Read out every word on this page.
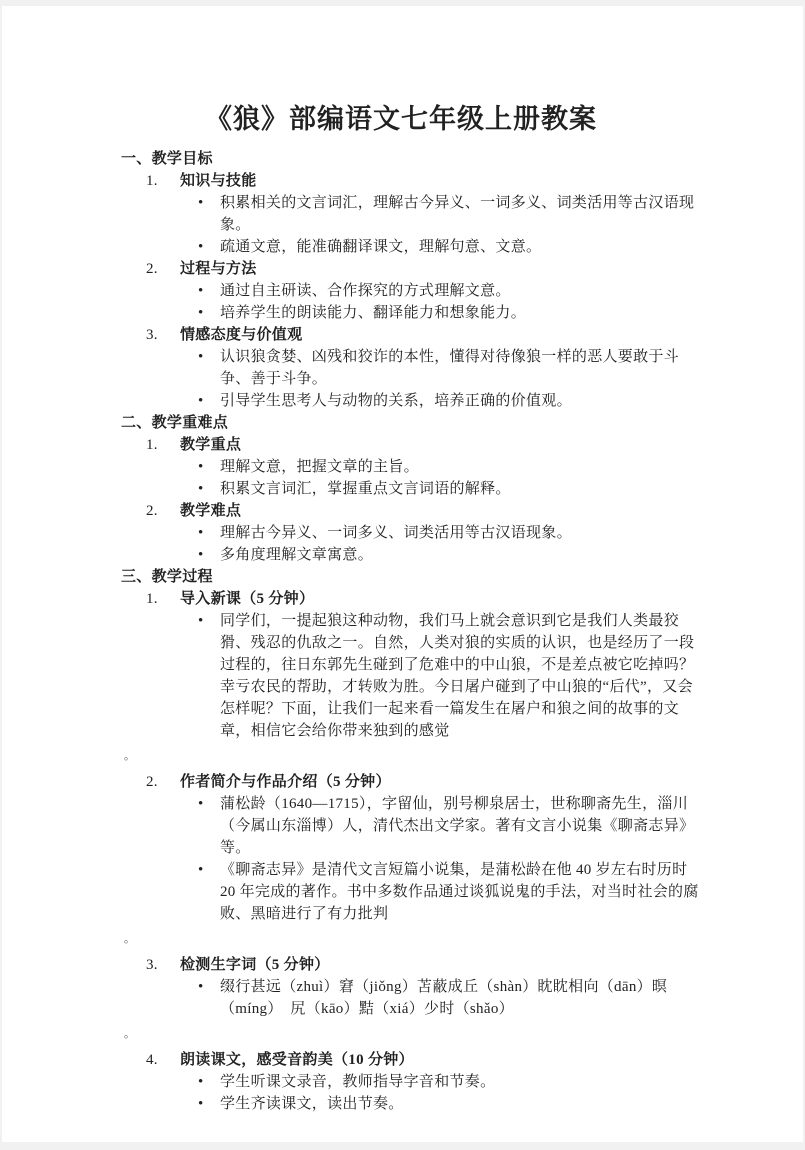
《狼》部编语文七年级上册教案
一、教学目标
1. 知识与技能
• 积累相关的文言词汇，理解古今异义、一词多义、词类活用等古汉语现象。
• 疏通文意，能准确翻译课文，理解句意、文意。
2. 过程与方法
• 通过自主研读、合作探究的方式理解文意。
• 培养学生的朗读能力、翻译能力和想象能力。
3. 情感态度与价值观
• 认识狼贪婪、凶残和狡诈的本性，懂得对待像狼一样的恶人要敢于斗争、善于斗争。
• 引导学生思考人与动物的关系，培养正确的价值观。
二、教学重难点
1. 教学重点
• 理解文意，把握文章的主旨。
• 积累文言词汇，掌握重点文言词语的解释。
2. 教学难点
• 理解古今异义、一词多义、词类活用等古汉语现象。
• 多角度理解文章寓意。
三、教学过程
1. 导入新课（5 分钟）
• 同学们，一提起狼这种动物，我们马上就会意识到它是我们人类最狡猾、残忍的仇敌之一。自然，人类对狼的实质的认识，也是经历了一段过程的，往日东郭先生碰到了危难中的中山狼，不是差点被它吃掉吗？幸亏农民的帮助，才转败为胜。今日屠户碰到了中山狼的“后代”，又会怎样呢？下面，让我们一起来看一篇发生在屠户和狼之间的故事的文章，相信它会给你带来独到的感觉
。
2. 作者简介与作品介绍（5 分钟）
• 蒲松龄（1640—1715），字留仙，别号柳泉居士，世称聊斋先生，淄川（今属山东淄博）人，清代杰出文学家。著有文言小说集《聊斋志异》等。
• 《聊斋志异》是清代文言短篇小说集，是蒲松龄在他 40 岁左右时历时 20 年完成的著作。书中多数作品通过谈狐说鬼的手法，对当时社会的腐败、黑暗进行了有力批判
。
3. 检测生字词（5 分钟）
• 缀行甚远（zhuì）窘（jiǒng）苫蔽成丘（shàn）眈眈相向（dān）暝（míng）　尻（kāo）黠（xiá）少时（shǎo）
。
4. 朗读课文，感受音韵美（10 分钟）
• 学生听课文录音，教师指导字音和节奏。
• 学生齐读课文，读出节奏。
